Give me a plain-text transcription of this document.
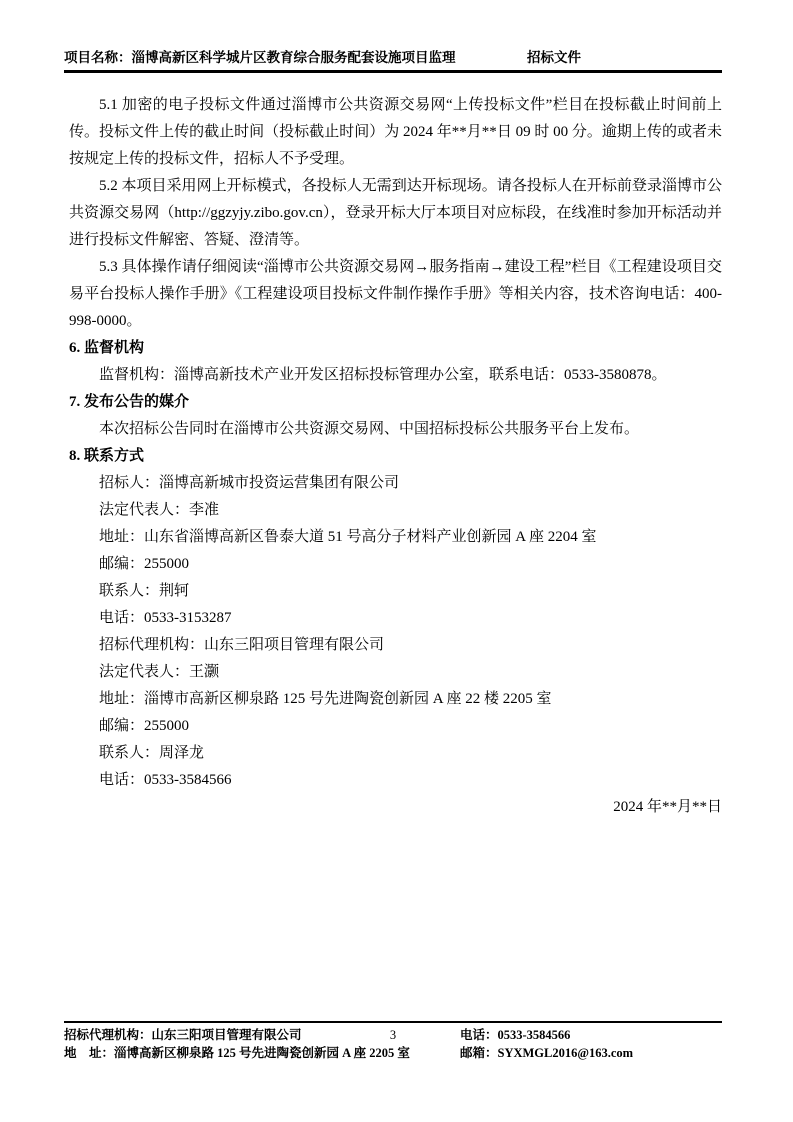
项目名称：淄博高新区科学城片区教育综合服务配套设施项目监理	招标文件

5.1 加密的电子投标文件通过淄博市公共资源交易网“上传投标文件”栏目在投标截止时间前上传。投标文件上传的截止时间（投标截止时间）为 2024 年**月**日 09 时 00 分。逾期上传的或者未按规定上传的投标文件，招标人不予受理。

5.2 本项目采用网上开标模式，各投标人无需到达开标现场。请各投标人在开标前登录淄博市公共资源交易网（http://ggzyjy.zibo.gov.cn），登录开标大厅本项目对应标段，在线准时参加开标活动并进行投标文件解密、答疑、澄清等。

5.3 具体操作请仔细阅读“淄博市公共资源交易网→服务指南→建设工程”栏目《工程建设项目交易平台投标人操作手册》《工程建设项目投标文件制作操作手册》等相关内容，技术咨询电话：400-998-0000。

6. 监督机构

监督机构：淄博高新技术产业开发区招标投标管理办公室，联系电话：0533-3580878。

7. 发布公告的媒介

本次招标公告同时在淄博市公共资源交易网、中国招标投标公共服务平台上发布。

8. 联系方式
招标人：淄博高新城市投资运营集团有限公司
法定代表人：李准
地址：山东省淄博高新区鲁泰大道 51 号高分子材料产业创新园 A 座 2204 室
邮编：255000
联系人：荆轲
电话：0533-3153287
招标代理机构：山东三阳项目管理有限公司
法定代表人：王灏
地址：淄博市高新区柳泉路 125 号先进陶瓷创新园 A 座 22 楼 2205 室
邮编：255000
联系人：周泽龙
电话：0533-3584566
2024 年**月**日
招标代理机构：山东三阳项目管理有限公司	3	电话：0533-3584566
地　址：淄博高新区柳泉路 125 号先进陶瓷创新园 A 座 2205 室	邮箱：SYXMGL2016@163.com
